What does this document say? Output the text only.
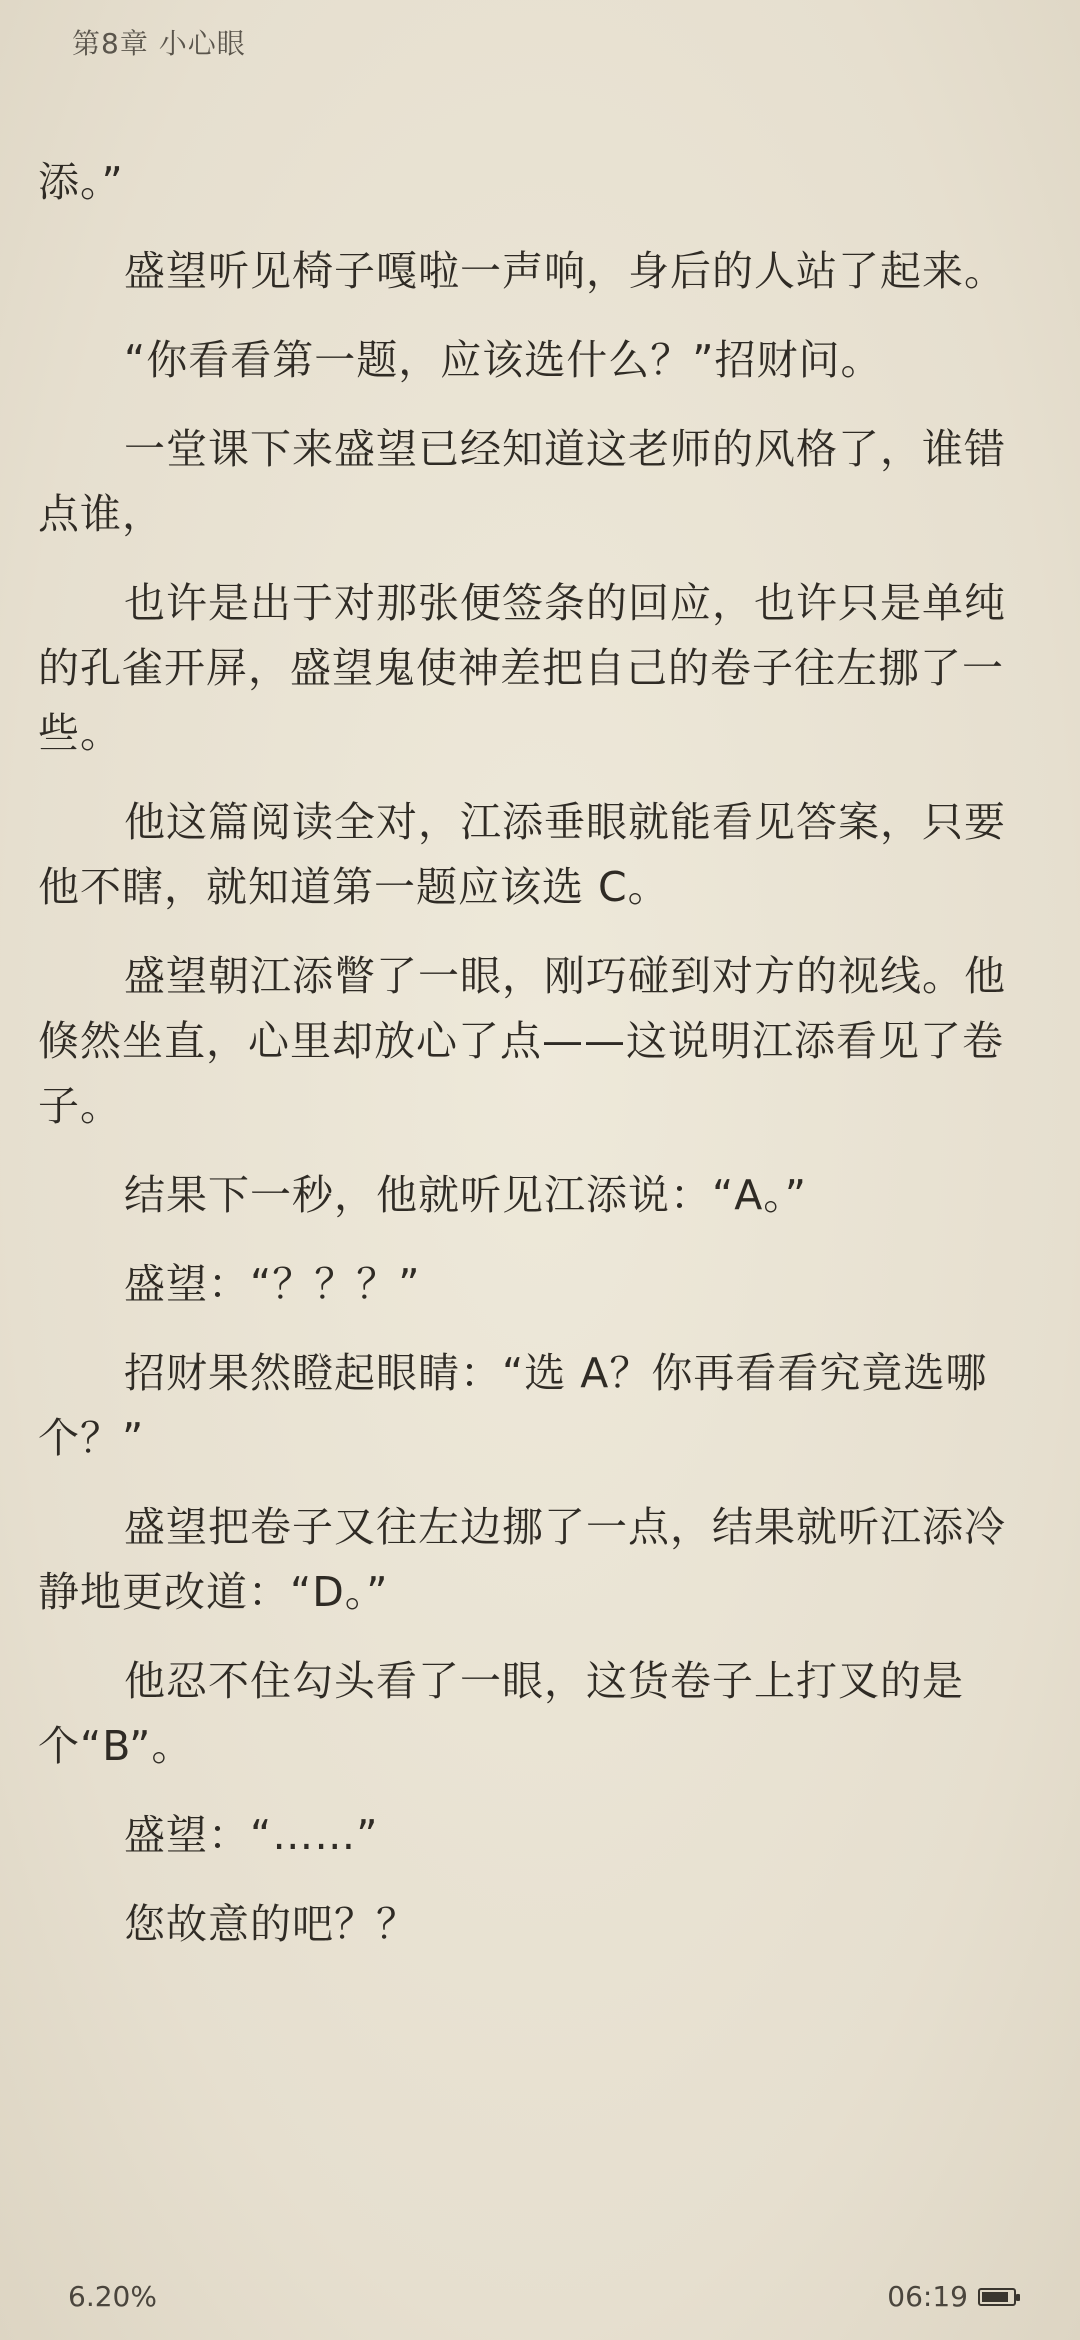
第8章 小心眼

添。”

盛望听见椅子嘎啦一声响，身后的人站了起来。

“你看看第一题，应该选什么？”招财问。

一堂课下来盛望已经知道这老师的风格了，谁错点谁，

也许是出于对那张便签条的回应，也许只是单纯的孔雀开屏，盛望鬼使神差把自己的卷子往左挪了一些。

他这篇阅读全对，江添垂眼就能看见答案，只要他不瞎，就知道第一题应该选 C。

盛望朝江添瞥了一眼，刚巧碰到对方的视线。他倏然坐直，心里却放心了点——这说明江添看见了卷子。

结果下一秒，他就听见江添说：“A。”

盛望：“？？？”

招财果然瞪起眼睛：“选 A？你再看看究竟选哪个？”

盛望把卷子又往左边挪了一点，结果就听江添冷静地更改道：“D。”

他忍不住勾头看了一眼，这货卷子上打叉的是个“B”。

盛望：“……”

您故意的吧？？

6.20%	06:19
